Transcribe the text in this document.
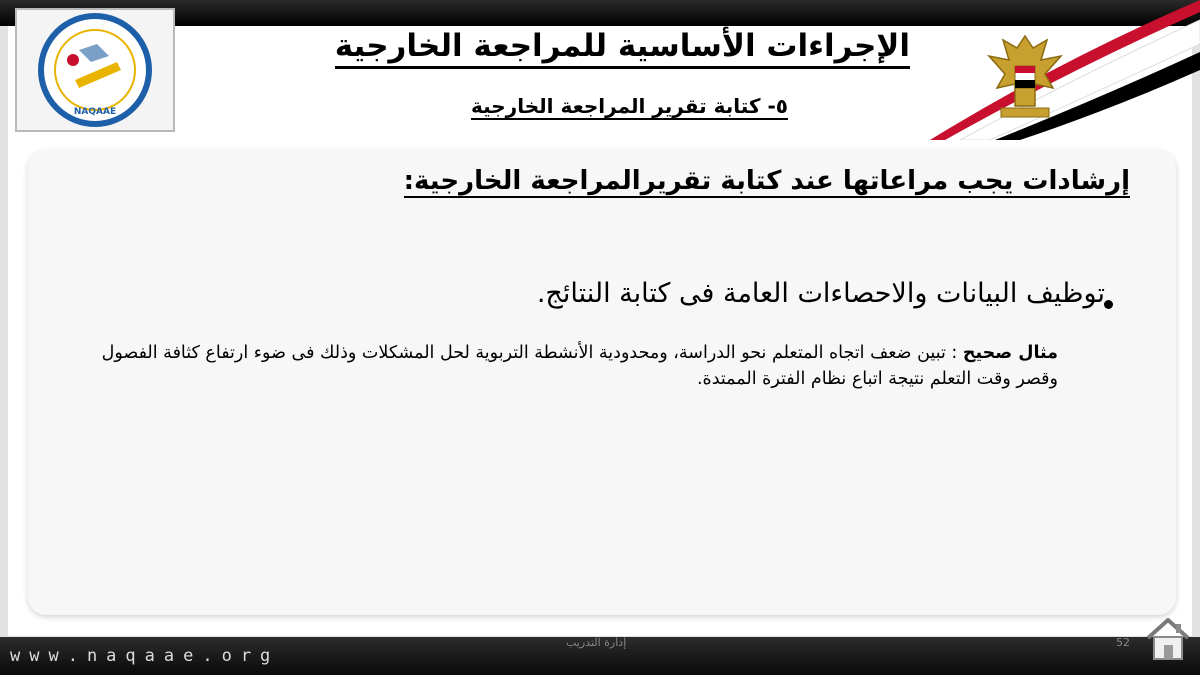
NAQAAE
الإجراءات الأساسية للمراجعة الخارجية
٥- كتابة تقرير المراجعة الخارجية
إرشادات يجب مراعاتها عند كتابة تقريرالمراجعة الخارجية:
توظيف البيانات والاحصاءات العامة فى كتابة النتائج.
مثال صحيح : تبين ضعف اتجاه المتعلم نحو الدراسة، ومحدودية الأنشطة التربوية لحل المشكلات وذلك فى ضوء ارتفاع كثافة الفصول وقصر وقت التعلم نتيجة اتباع نظام الفترة الممتدة.
www.naqaae.org
إدارة التدريب	52
